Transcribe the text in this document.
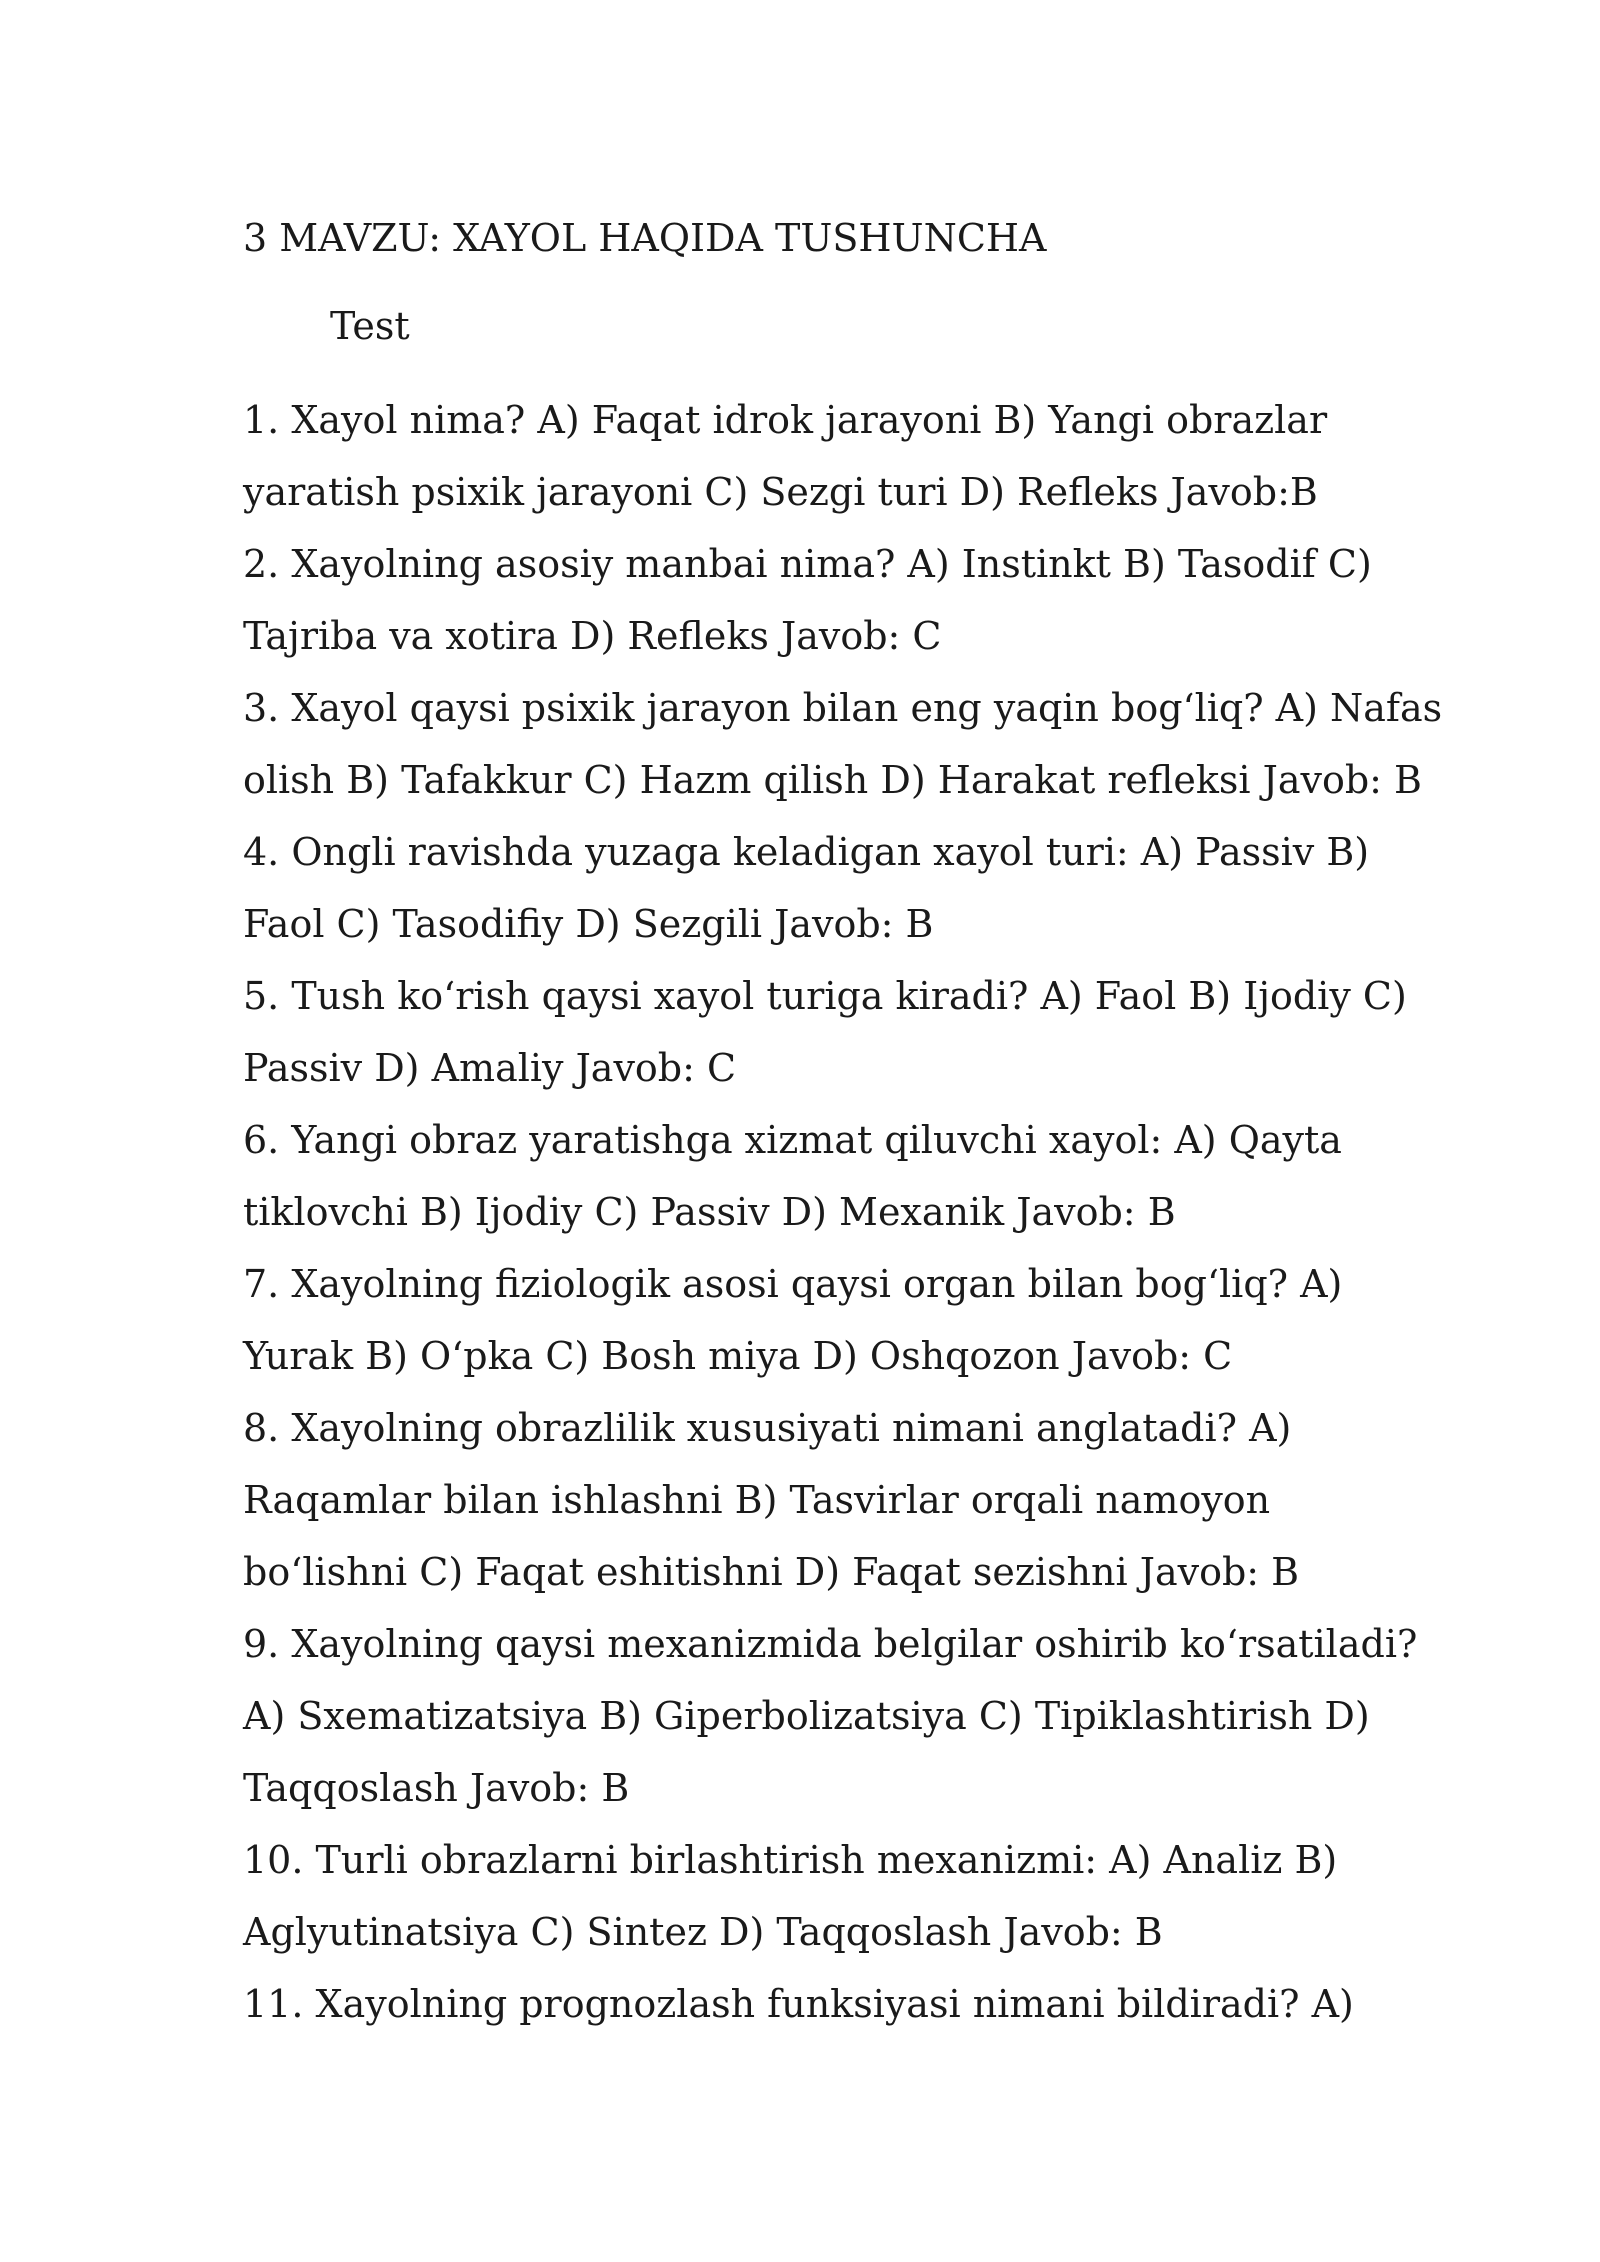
3 MAVZU: XAYOL HAQIDA TUSHUNCHA

Test

1. Xayol nima? A) Faqat idrok jarayoni B) Yangi obrazlar
yaratish psixik jarayoni C) Sezgi turi D) Refleks Javob:B
2. Xayolning asosiy manbai nima? A) Instinkt B) Tasodif C)
Tajriba va xotira D) Refleks Javob: C
3. Xayol qaysi psixik jarayon bilan eng yaqin bog‘liq? A) Nafas
olish B) Tafakkur C) Hazm qilish D) Harakat refleksi Javob: B
4. Ongli ravishda yuzaga keladigan xayol turi: A) Passiv B)
Faol C) Tasodifiy D) Sezgili Javob: B
5. Tush ko‘rish qaysi xayol turiga kiradi? A) Faol B) Ijodiy C)
Passiv D) Amaliy Javob: C
6. Yangi obraz yaratishga xizmat qiluvchi xayol: A) Qayta
tiklovchi B) Ijodiy C) Passiv D) Mexanik Javob: B
7. Xayolning fiziologik asosi qaysi organ bilan bog‘liq? A)
Yurak B) O‘pka C) Bosh miya D) Oshqozon Javob: C
8. Xayolning obrazlilik xususiyati nimani anglatadi? A)
Raqamlar bilan ishlashni B) Tasvirlar orqali namoyon
bo‘lishni C) Faqat eshitishni D) Faqat sezishni Javob: B
9. Xayolning qaysi mexanizmida belgilar oshirib ko‘rsatiladi?
A) Sxematizatsiya B) Giperbolizatsiya C) Tipiklashtirish D)
Taqqoslash Javob: B
10. Turli obrazlarni birlashtirish mexanizmi: A) Analiz B)
Aglyutinatsiya C) Sintez D) Taqqoslash Javob: B
11. Xayolning prognozlash funksiyasi nimani bildiradi? A)
